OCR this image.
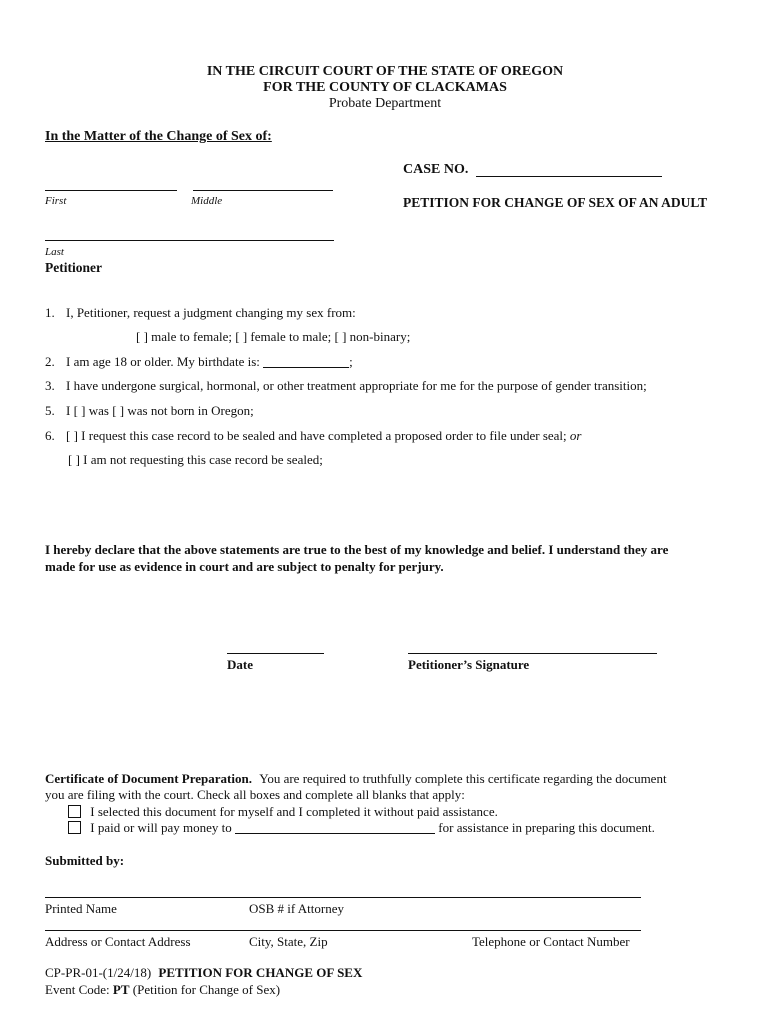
IN THE CIRCUIT COURT OF THE STATE OF OREGON
FOR THE COUNTY OF CLACKAMAS
Probate Department
In the Matter of the Change of Sex of:
CASE NO.
First	Middle	PETITION FOR CHANGE OF SEX OF AN ADULT
Last
Petitioner
1. I, Petitioner, request a judgment changing my sex from:
[ ] male to female; [ ] female to male; [ ] non-binary;
2. I am age 18 or older. My birthdate is:	;
3. I have undergone surgical, hormonal, or other treatment appropriate for me for the purpose of gender transition;
5. I [ ] was [ ] was not born in Oregon;
6. [ ] I request this case record to be sealed and have completed a proposed order to file under seal; or
[ ] I am not requesting this case record be sealed;
I hereby declare that the above statements are true to the best of my knowledge and belief. I understand they are
made for use as evidence in court and are subject to penalty for perjury.
Date	Petitioner’s Signature
Certificate of Document Preparation. You are required to truthfully complete this certificate regarding the document
you are filing with the court. Check all boxes and complete all blanks that apply:
I selected this document for myself and I completed it without paid assistance.
I paid or will pay money to	for assistance in preparing this document.
Submitted by:
Printed Name	OSB # if Attorney
Address or Contact Address	City, State, Zip	Telephone or Contact Number
CP-PR-01-(1/24/18) PETITION FOR CHANGE OF SEX
Event Code: PT (Petition for Change of Sex)
